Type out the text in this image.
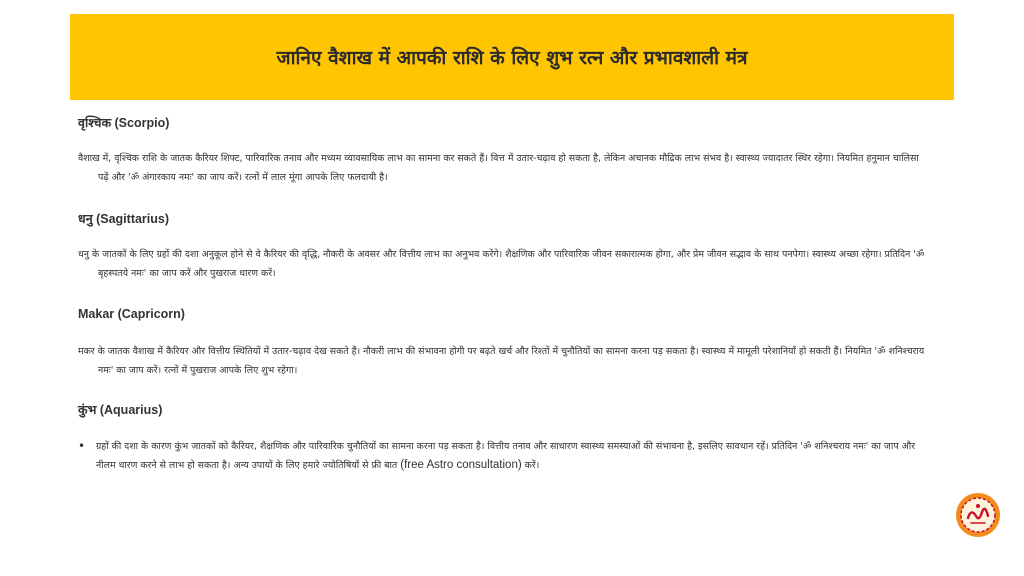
जानिए वैशाख में आपकी राशि के लिए शुभ रत्न और प्रभावशाली मंत्र

वृश्चिक (Scorpio)

वैशाख में, वृश्चिक राशि के जातक कैरियर शिफ्ट, पारिवारिक तनाव और मध्यम व्यावसायिक लाभ का सामना कर सकते हैं। वित्त में उतार-चढ़ाव हो सकता है, लेकिन अचानक मौद्रिक लाभ संभव है। स्वास्थ्य ज्यादातर स्थिर रहेगा। नियमित हनुमान चालिसा पढ़ें और 'ॐ अंगारकाय नमः' का जाप करें। रत्नों में लाल मूंगा आपके लिए फलदायी है।

धनु (Sagittarius)

धनु के जातकों के लिए ग्रहों की दशा अनुकूल होने से वे कैरियर की वृद्धि, नौकरी के अवसर और वित्तीय लाभ का अनुभव करेंगे। शैक्षणिक और पारिवारिक जीवन सकारात्मक होगा, और प्रेम जीवन सद्भाव के साथ पनपेगा। स्वास्थ्य अच्छा रहेगा। प्रतिदिन 'ॐ बृहस्पतये नमः' का जाप करें और पुखराज धारण करें।

Makar (Capricorn)

मकर के जातक वैशाख में कैरियर और वित्तीय स्थितियों में उतार-चढ़ाव देख सकते हैं। नौकरी लाभ की संभावना होगी पर बढ़ते खर्च और रिश्तों में चुनौतियों का सामना करना पड़ सकता है। स्वास्थ्य में मामूली परेशानियाँ हो सकती हैं। नियमित 'ॐ शनिश्चराय नमः' का जाप करें। रत्नों में पुखराज आपके लिए शुभ रहेगा।

कुंभ (Aquarius)

•	ग्रहों की दशा के कारण कुंभ जातकों को कैरियर, शैक्षणिक और पारिवारिक चुनौतियों का सामना करना पड़ सकता है। वित्तीय तनाव और साधारण स्वास्थ्य समस्याओं की संभावना है, इसलिए सावधान रहें। प्रतिदिन 'ॐ शनिश्चराय नमः' का जाप और नीलम धारण करने से लाभ हो सकता है। अन्य उपायों के लिए हमारे ज्योतिषियों से फ्री बात (free Astro consultation) करें।
